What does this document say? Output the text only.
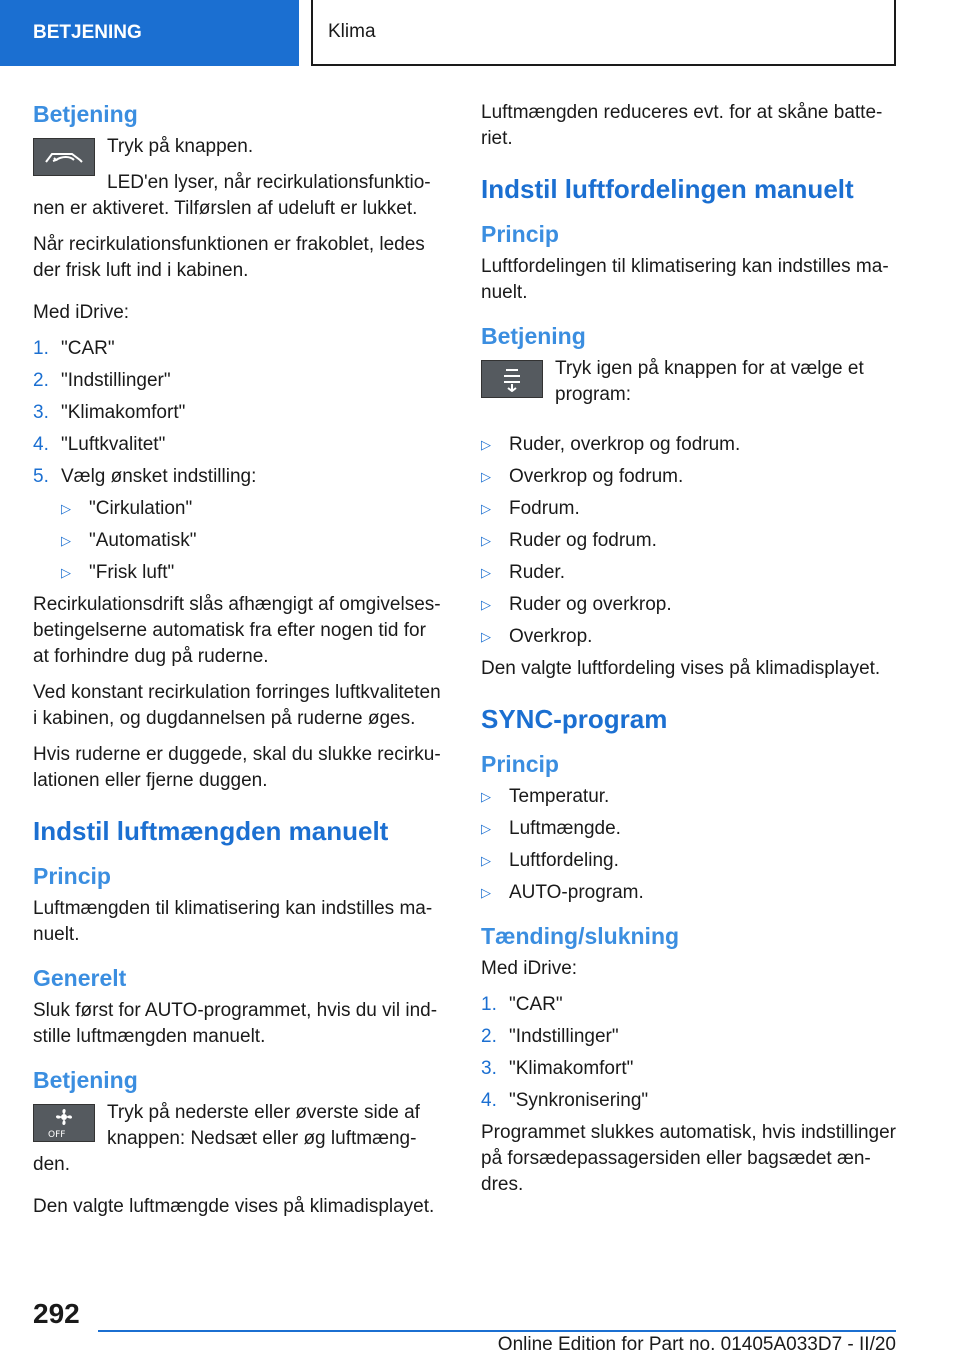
BETJENING	Klima
Betjening

Tryk på knappen.

LED'en lyser, når recirkulationsfunktionen er aktiveret. Tilførslen af udeluft er lukket.

Når recirkulationsfunktionen er frakoblet, ledes der frisk luft ind i kabinen.

Med iDrive:

1. "CAR"
2. "Indstillinger"
3. "Klimakomfort"
4. "Luftkvalitet"
5. Vælg ønsket indstilling:
▷ "Cirkulation"
▷ "Automatisk"
▷ "Frisk luft"

Recirkulationsdrift slås afhængigt af omgivelsesbetingelserne automatisk fra efter nogen tid for at forhindre dug på ruderne.

Ved konstant recirkulation forringes luftkvaliteten i kabinen, og dugdannelsen på ruderne øges.

Hvis ruderne er duggede, skal du slukke recirkulationen eller fjerne duggen.

Indstil luftmængden manuelt
Princip

Luftmængden til klimatisering kan indstilles manuelt.

Generelt

Sluk først for AUTO-programmet, hvis du vil indstille luftmængden manuelt.

Betjening
OFF

Tryk på nederste eller øverste side af knappen: Nedsæt eller øg luftmængden.

Den valgte luftmængde vises på klimadisplayet.

Luftmængden reduceres evt. for at skåne batteriet.

Indstil luftfordelingen manuelt
Princip

Luftfordelingen til klimatisering kan indstilles manuelt.

Betjening

Tryk igen på knappen for at vælge et program:

▷ Ruder, overkrop og fodrum.
▷ Overkrop og fodrum.
▷ Fodrum.
▷ Ruder og fodrum.
▷ Ruder.
▷ Ruder og overkrop.
▷ Overkrop.

Den valgte luftfordeling vises på klimadisplayet.

SYNC-program
Princip
▷ Temperatur.
▷ Luftmængde.
▷ Luftfordeling.
▷ AUTO-program.
Tænding/slukning

Med iDrive:

1. "CAR"
2. "Indstillinger"
3. "Klimakomfort"
4. "Synkronisering"

Programmet slukkes automatisk, hvis indstillinger på forsædepassagersiden eller bagsædet ændres.

292
Online Edition for Part no. 01405A033D7 - II/20
